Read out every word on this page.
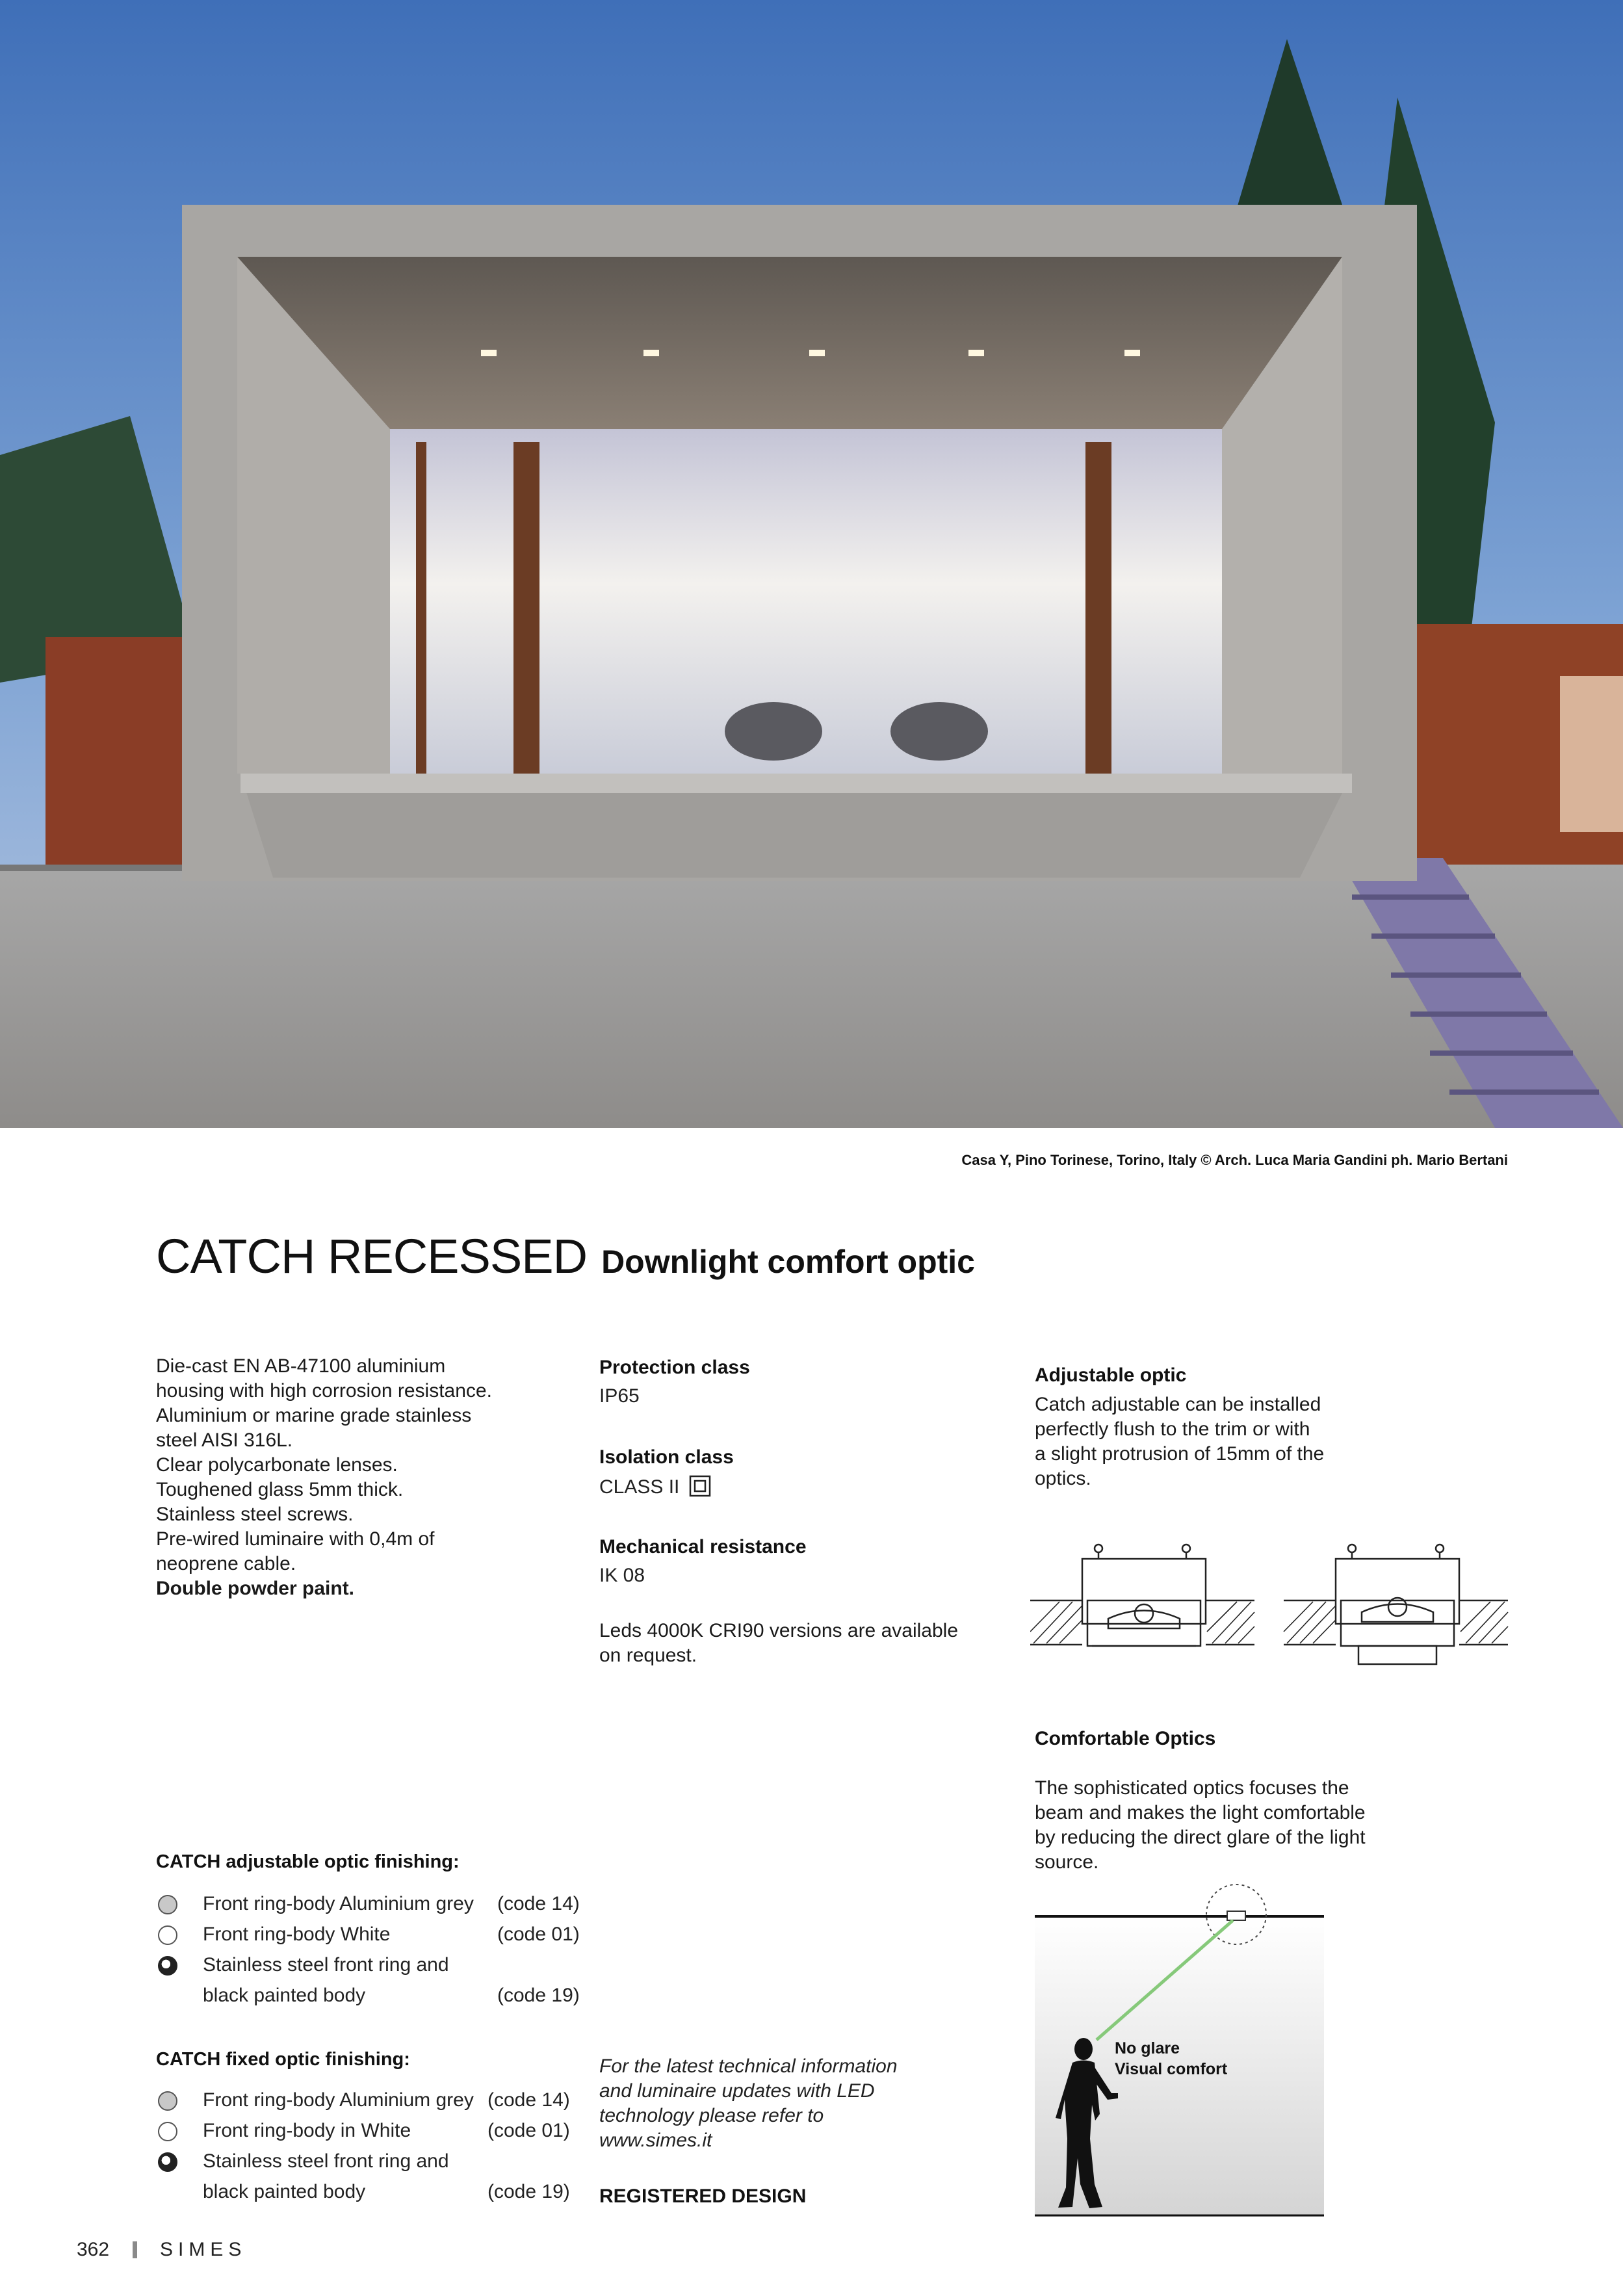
Casa Y, Pino Torinese, Torino, Italy © Arch. Luca Maria Gandini ph. Mario Bertani
CATCH RECESSED Downlight comfort optic
Die-cast EN AB-47100 aluminium
housing with high corrosion resistance.
Aluminium or marine grade stainless
steel AISI 316L.
Clear polycarbonate lenses.
Toughened glass 5mm thick.
Stainless steel screws.
Pre-wired luminaire with 0,4m of
neoprene cable.
Double powder paint.
Protection class
IP65
Isolation class
CLASS II
Mechanical resistance
IK 08
Leds 4000K CRI90 versions are available
on request.
Adjustable optic
Catch adjustable can be installed
perfectly flush to the trim or with
a slight protrusion of 15mm of the
optics.
Comfortable Optics
The sophisticated optics focuses the
beam and makes the light comfortable
by reducing the direct glare of the light
source.
No glare
Visual comfort
CATCH adjustable optic finishing:
Front ring-body Aluminium grey (code 14)
Front ring-body White	(code 01)
Stainless steel front ring and
black painted body	(code 19)
CATCH fixed optic finishing:
Front ring-body Aluminium grey (code 14)
Front ring-body in White	(code 01)
Stainless steel front ring and
black painted body	(code 19)
For the latest technical information
and luminaire updates with LED
technology please refer to
www.simes.it
REGISTERED DESIGN
362	SIMES
